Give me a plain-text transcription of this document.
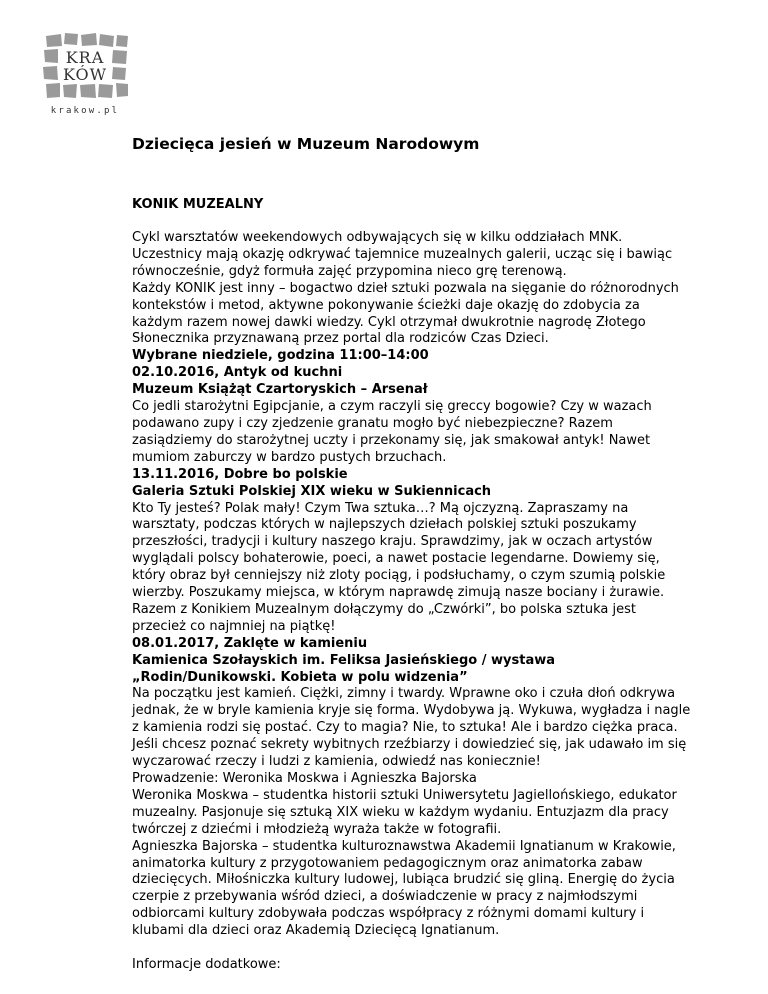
KRA
KÓW
krakow.pl
Dziecięca jesień w Muzeum Narodowym
KONIK MUZEALNY

Cykl warsztatów weekendowych odbywających się w kilku oddziałach MNK.

Uczestnicy mają okazję odkrywać tajemnice muzealnych galerii, ucząc się i bawiąc

równocześnie, gdyż formuła zajęć przypomina nieco grę terenową.

Każdy KONIK jest inny – bogactwo dzieł sztuki pozwala na sięganie do różnorodnych

kontekstów i metod, aktywne pokonywanie ścieżki daje okazję do zdobycia za

każdym razem nowej dawki wiedzy. Cykl otrzymał dwukrotnie nagrodę Złotego

Słonecznika przyznawaną przez portal dla rodziców Czas Dzieci.

Wybrane niedziele, godzina 11:00–14:00

02.10.2016, Antyk od kuchni

Muzeum Książąt Czartoryskich – Arsenał

Co jedli starożytni Egipcjanie, a czym raczyli się greccy bogowie? Czy w wazach

podawano zupy i czy zjedzenie granatu mogło być niebezpieczne? Razem

zasiądziemy do starożytnej uczty i przekonamy się, jak smakował antyk! Nawet

mumiom zaburczy w bardzo pustych brzuchach.

13.11.2016, Dobre bo polskie

Galeria Sztuki Polskiej XIX wieku w Sukiennicach

Kto Ty jesteś? Polak mały! Czym Twa sztuka…? Mą ojczyzną. Zapraszamy na

warsztaty, podczas których w najlepszych dziełach polskiej sztuki poszukamy

przeszłości, tradycji i kultury naszego kraju. Sprawdzimy, jak w oczach artystów

wyglądali polscy bohaterowie, poeci, a nawet postacie legendarne. Dowiemy się,

który obraz był cenniejszy niż zloty pociąg, i podsłuchamy, o czym szumią polskie

wierzby. Poszukamy miejsca, w którym naprawdę zimują nasze bociany i żurawie.

Razem z Konikiem Muzealnym dołączymy do „Czwórki”, bo polska sztuka jest

przecież co najmniej na piątkę!

08.01.2017, Zaklęte w kamieniu

Kamienica Szołayskich im. Feliksa Jasieńskiego / wystawa

„Rodin/Dunikowski. Kobieta w polu widzenia”

Na początku jest kamień. Ciężki, zimny i twardy. Wprawne oko i czuła dłoń odkrywa

jednak, że w bryle kamienia kryje się forma. Wydobywa ją. Wykuwa, wygładza i nagle

z kamienia rodzi się postać. Czy to magia? Nie, to sztuka! Ale i bardzo ciężka praca.

Jeśli chcesz poznać sekrety wybitnych rzeźbiarzy i dowiedzieć się, jak udawało im się

wyczarować rzeczy i ludzi z kamienia, odwiedź nas koniecznie!

Prowadzenie: Weronika Moskwa i Agnieszka Bajorska

Weronika Moskwa – studentka historii sztuki Uniwersytetu Jagiellońskiego, edukator

muzealny. Pasjonuje się sztuką XIX wieku w każdym wydaniu. Entuzjazm dla pracy

twórczej z dziećmi i młodzieżą wyraża także w fotografii.

Agnieszka Bajorska – studentka kulturoznawstwa Akademii Ignatianum w Krakowie,

animatorka kultury z przygotowaniem pedagogicznym oraz animatorka zabaw

dziecięcych. Miłośniczka kultury ludowej, lubiąca brudzić się gliną. Energię do życia

czerpie z przebywania wśród dzieci, a doświadczenie w pracy z najmłodszymi

odbiorcami kultury zdobywała podczas współpracy z różnymi domami kultury i

klubami dla dzieci oraz Akademią Dziecięcą Ignatianum.

Informacje dodatkowe:
